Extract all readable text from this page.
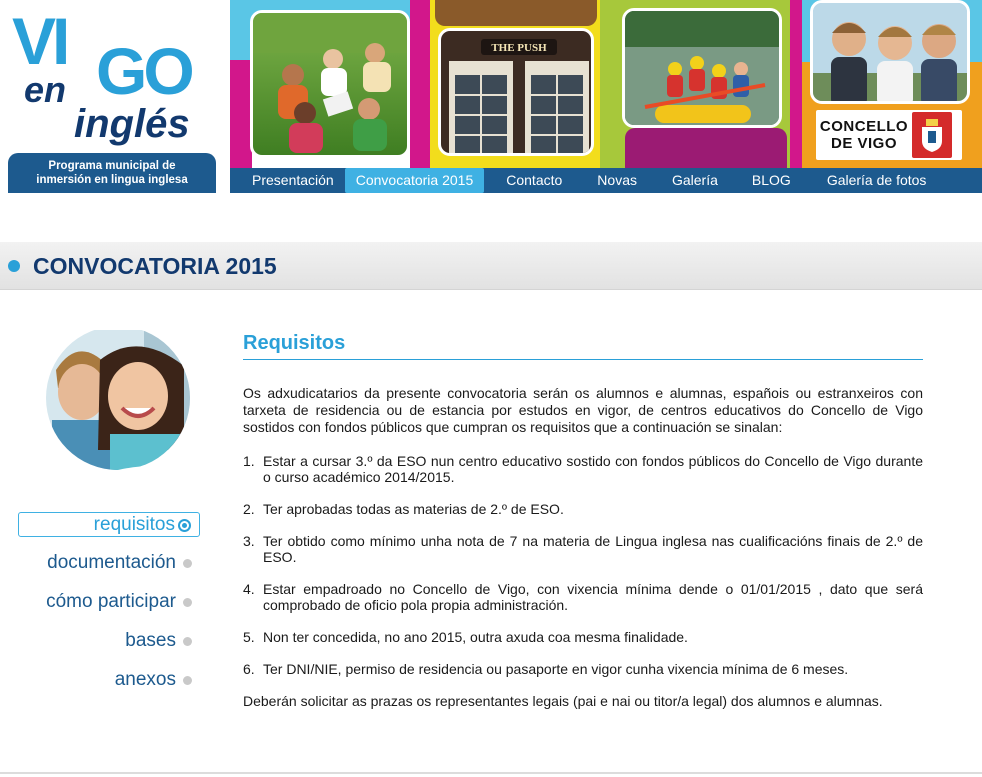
VI GO
en
inglés
Programa municipal de
inmersión en lingua inglesa
THE PUSH
CONCELLO
DE VIGO
Presentación	Convocatoria 2015	Contacto	Novas	Galería	BLOG	Galería de fotos
CONVOCATORIA 2015
requisitos
documentación
cómo participar
bases
anexos
Requisitos

Os adxudicatarios da presente convocatoria serán os alumnos e alumnas, españois ou estranxeiros con tarxeta de residencia ou de estancia por estudos en vigor, de centros educativos do Concello de Vigo sostidos con fondos públicos que cumpran os requisitos que a continuación se sinalan:

1. Estar a cursar 3.º da ESO nun centro educativo sostido con fondos públicos do Concello de Vigo durante o curso académico 2014/2015.
2. Ter aprobadas todas as materias de 2.º de ESO.
3. Ter obtido como mínimo unha nota de 7 na materia de Lingua inglesa nas cualificacións finais de 2.º de ESO.
4. Estar empadroado no Concello de Vigo, con vixencia mínima dende o 01/01/2015 , dato que será comprobado de oficio pola propia administración.
5. Non ter concedida, no ano 2015, outra axuda coa mesma finalidade.
6. Ter DNI/NIE, permiso de residencia ou pasaporte en vigor cunha vixencia mínima de 6 meses.

Deberán solicitar as prazas os representantes legais (pai e nai ou titor/a legal) dos alumnos e alumnas.
